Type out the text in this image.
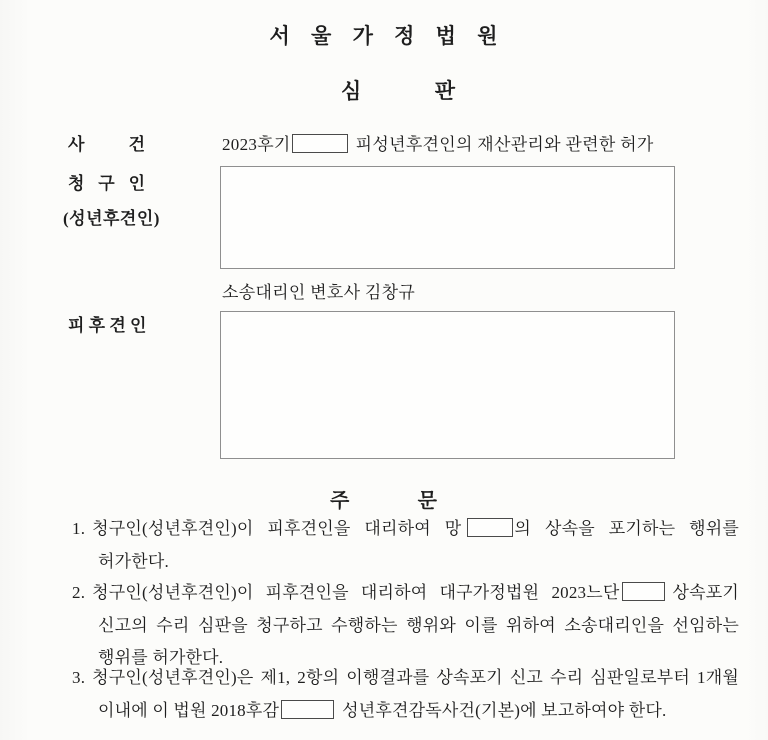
서 울 가 정 법 원
심 판
사 건	2023후기	피성년후견인의 재산관리와 관련한 허가
청 구 인
(성년후견인)
소송대리인 변호사 김창규
피 후 견 인
주 문
1. 청구인(성년후견인)이 피후견인을 대리하여 망	의 상속을 포기하는 행위를 허가한다.
2. 청구인(성년후견인)이 피후견인을 대리하여 대구가정법원 2023느단	상속포기 신고의 수리 심판을 청구하고 수행하는 행위와 이를 위하여 소송대리인을 선임하는 행위를 허가한다.
3. 청구인(성년후견인)은 제1, 2항의 이행결과를 상속포기 신고 수리 심판일로부터 1개월 이내에 이 법원 2018후감	성년후견감독사건(기본)에 보고하여야 한다.
